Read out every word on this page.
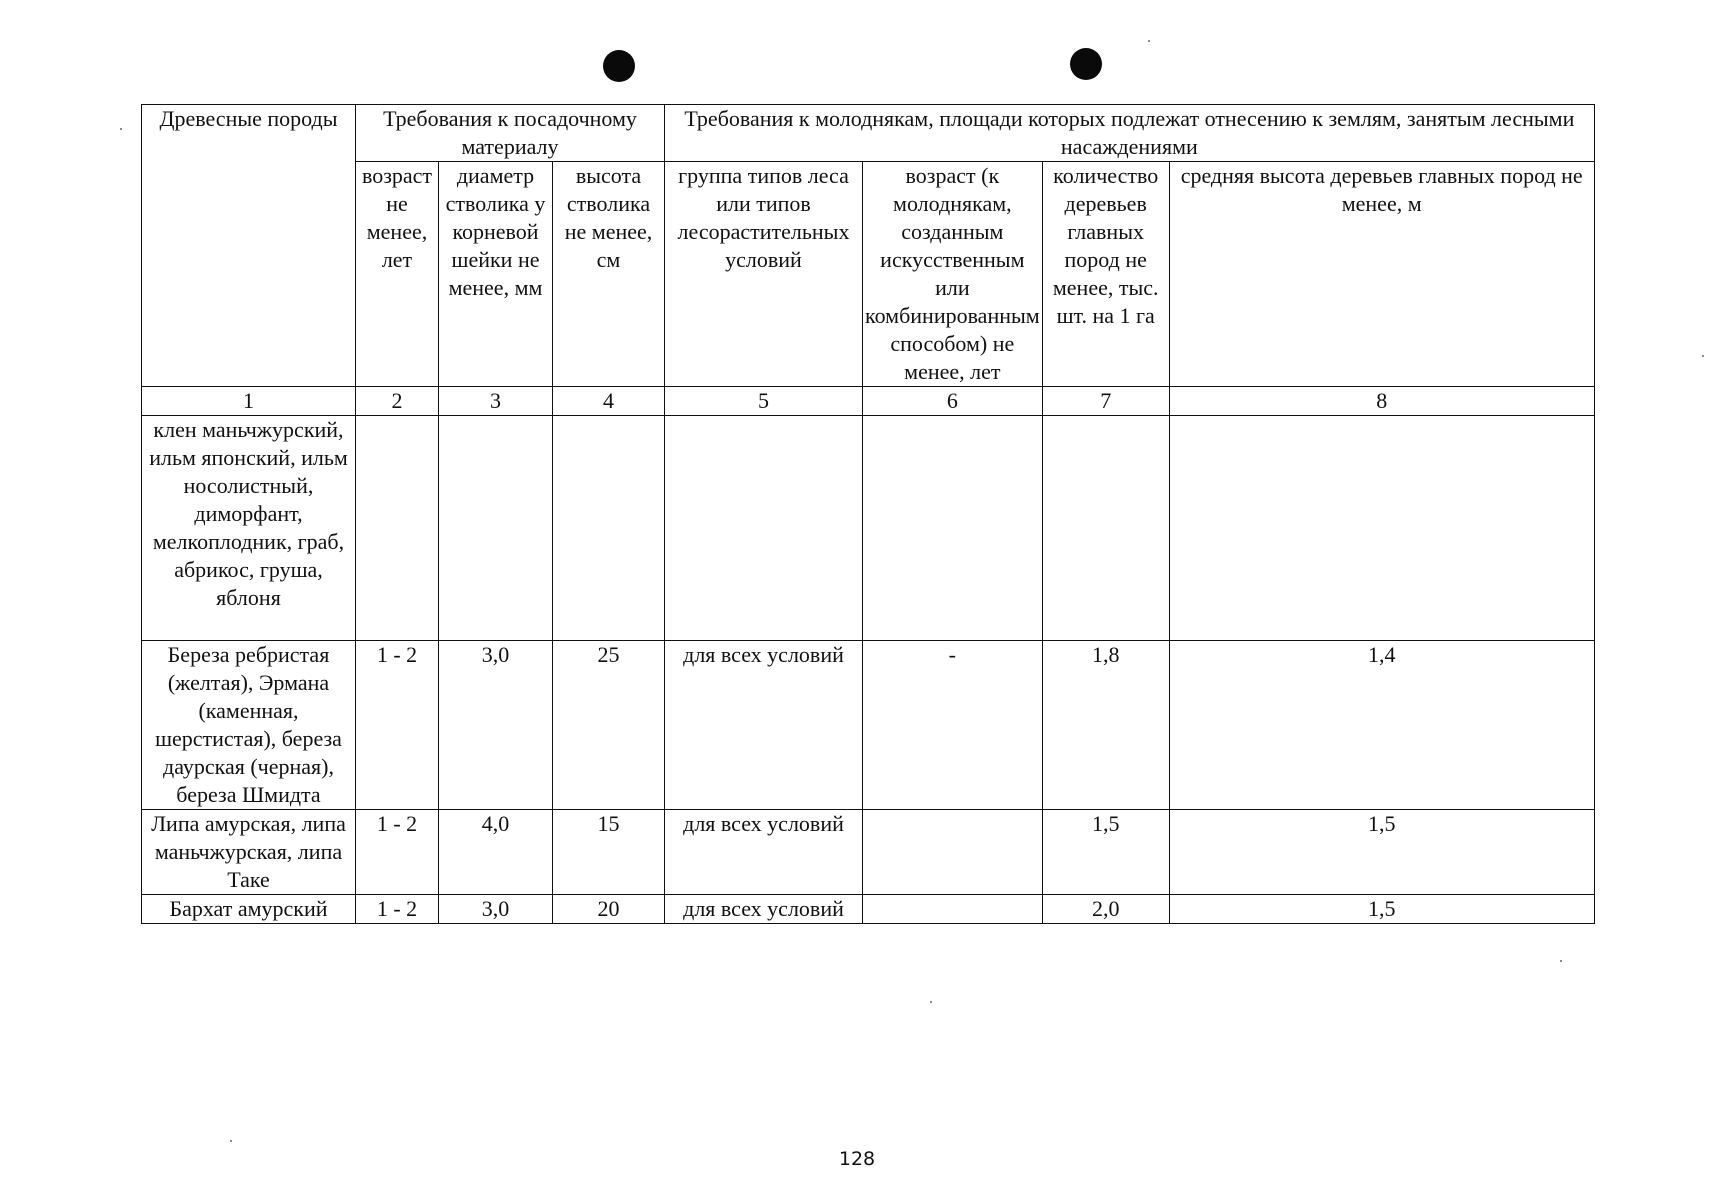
Древесные породы	Требования к посадочному материалу			Требования к молоднякам, площади которых подлежат отнесению к землям, занятым лесными насаждениями			
	возраст не менее, лет	диаметр стволика у корневой шейки не менее, мм	высота стволика не менее, см	группа типов леса или типов лесорастительных условий	возраст (к молоднякам, созданным искусственным или комбинированным способом) не менее, лет	количество деревьев главных пород не менее, тыс. шт. на 1 га	средняя высота деревьев главных пород не менее, м
1	2	3	4	5	6	7	8
клен маньчжурский, ильм японский, ильм носолистный, диморфант, мелкоплодник, граб, абрикос, груша, яблоня							
Береза ребристая (желтая), Эрмана (каменная, шерстистая), береза даурская (черная), береза Шмидта	1 - 2	3,0	25	для всех условий	-	1,8	1,4
Липа амурская, липа маньчжурская, липа Таке	1 - 2	4,0	15	для всех условий		1,5	1,5
Бархат амурский	1 - 2	3,0	20	для всех условий		2,0	1,5
128
